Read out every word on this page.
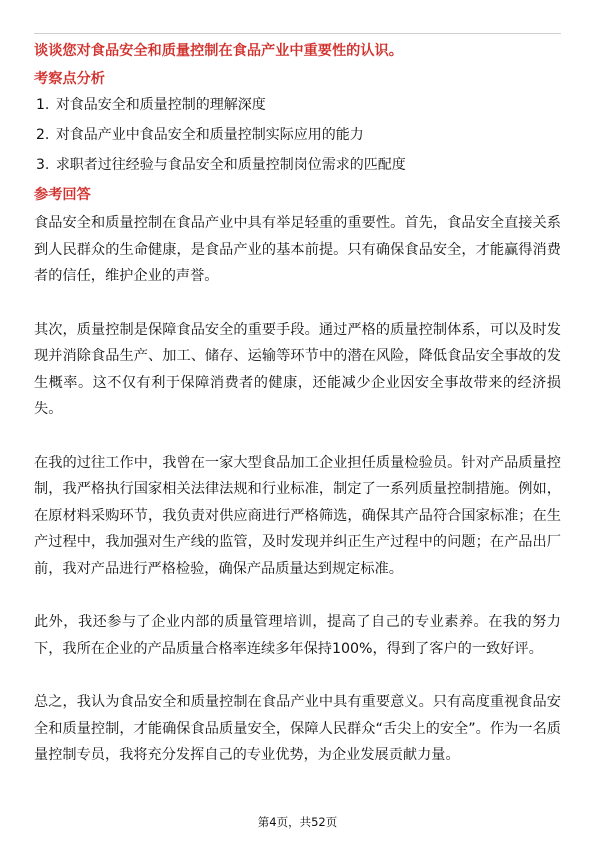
谈谈您对食品安全和质量控制在食品产业中重要性的认识。
考察点分析
1. 对食品安全和质量控制的理解深度
2. 对食品产业中食品安全和质量控制实际应用的能力
3. 求职者过往经验与食品安全和质量控制岗位需求的匹配度
参考回答

食品安全和质量控制在食品产业中具有举足轻重的重要性。首先，食品安全直接关系到人民群众的生命健康，是食品产业的基本前提。只有确保食品安全，才能赢得消费者的信任，维护企业的声誉。

其次，质量控制是保障食品安全的重要手段。通过严格的质量控制体系，可以及时发现并消除食品生产、加工、储存、运输等环节中的潜在风险，降低食品安全事故的发生概率。这不仅有利于保障消费者的健康，还能减少企业因安全事故带来的经济损失。

在我的过往工作中，我曾在一家大型食品加工企业担任质量检验员。针对产品质量控制，我严格执行国家相关法律法规和行业标准，制定了一系列质量控制措施。例如，在原材料采购环节，我负责对供应商进行严格筛选，确保其产品符合国家标准；在生产过程中，我加强对生产线的监管，及时发现并纠正生产过程中的问题；在产品出厂前，我对产品进行严格检验，确保产品质量达到规定标准。

此外，我还参与了企业内部的质量管理培训，提高了自己的专业素养。在我的努力下，我所在企业的产品质量合格率连续多年保持100%，得到了客户的一致好评。

总之，我认为食品安全和质量控制在食品产业中具有重要意义。只有高度重视食品安全和质量控制，才能确保食品质量安全，保障人民群众“舌尖上的安全”。作为一名质量控制专员，我将充分发挥自己的专业优势，为企业发展贡献力量。

第4页，共52页
